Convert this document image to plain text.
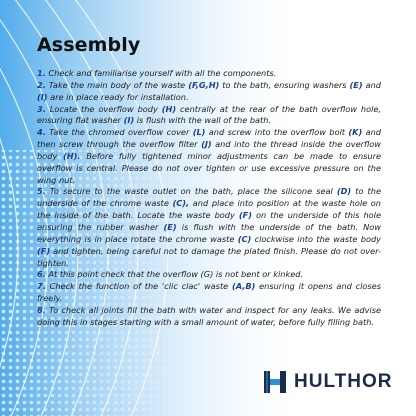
Assembly

1. Check and familiarise yourself with all the components.

2. Take the main body of the waste (F,G,H) to the bath, ensuring washers (E) and (I) are in place ready for installation.

3. Locate the overflow body (H) centrally at the rear of the bath overflow hole, ensuring flat washer (I) is flush with the wall of the bath.

4. Take the chromed overflow cover (L) and screw into the overflow bolt (K) and then screw through the overflow filter (J) and into the thread inside the overflow body (H). Before fully tightened minor adjustments can be made to ensure overflow is central. Please do not over tighten or use excessive pressure on the wing nut.

5. To secure to the waste outlet on the bath, place the silicone seal (D) to the underside of the chrome waste (C), and place into position at the waste hole on the inside of the bath. Locate the waste body (F) on the underside of this hole ensuring the rubber washer (E) is flush with the underside of the bath. Now everything is in place rotate the chrome waste (C) clockwise into the waste body (F) and tighten, being careful not to damage the plated finish. Please do not over-tighten.

6. At this point check that the overflow (G) is not bent or kinked.

7. Check the function of the 'clic clac' waste (A,B) ensuring it opens and closes freely.

8. To check all joints fill the bath with water and inspect for any leaks. We advise doing this in stages starting with a small amount of water, before fully filling bath.

HULTHOR
